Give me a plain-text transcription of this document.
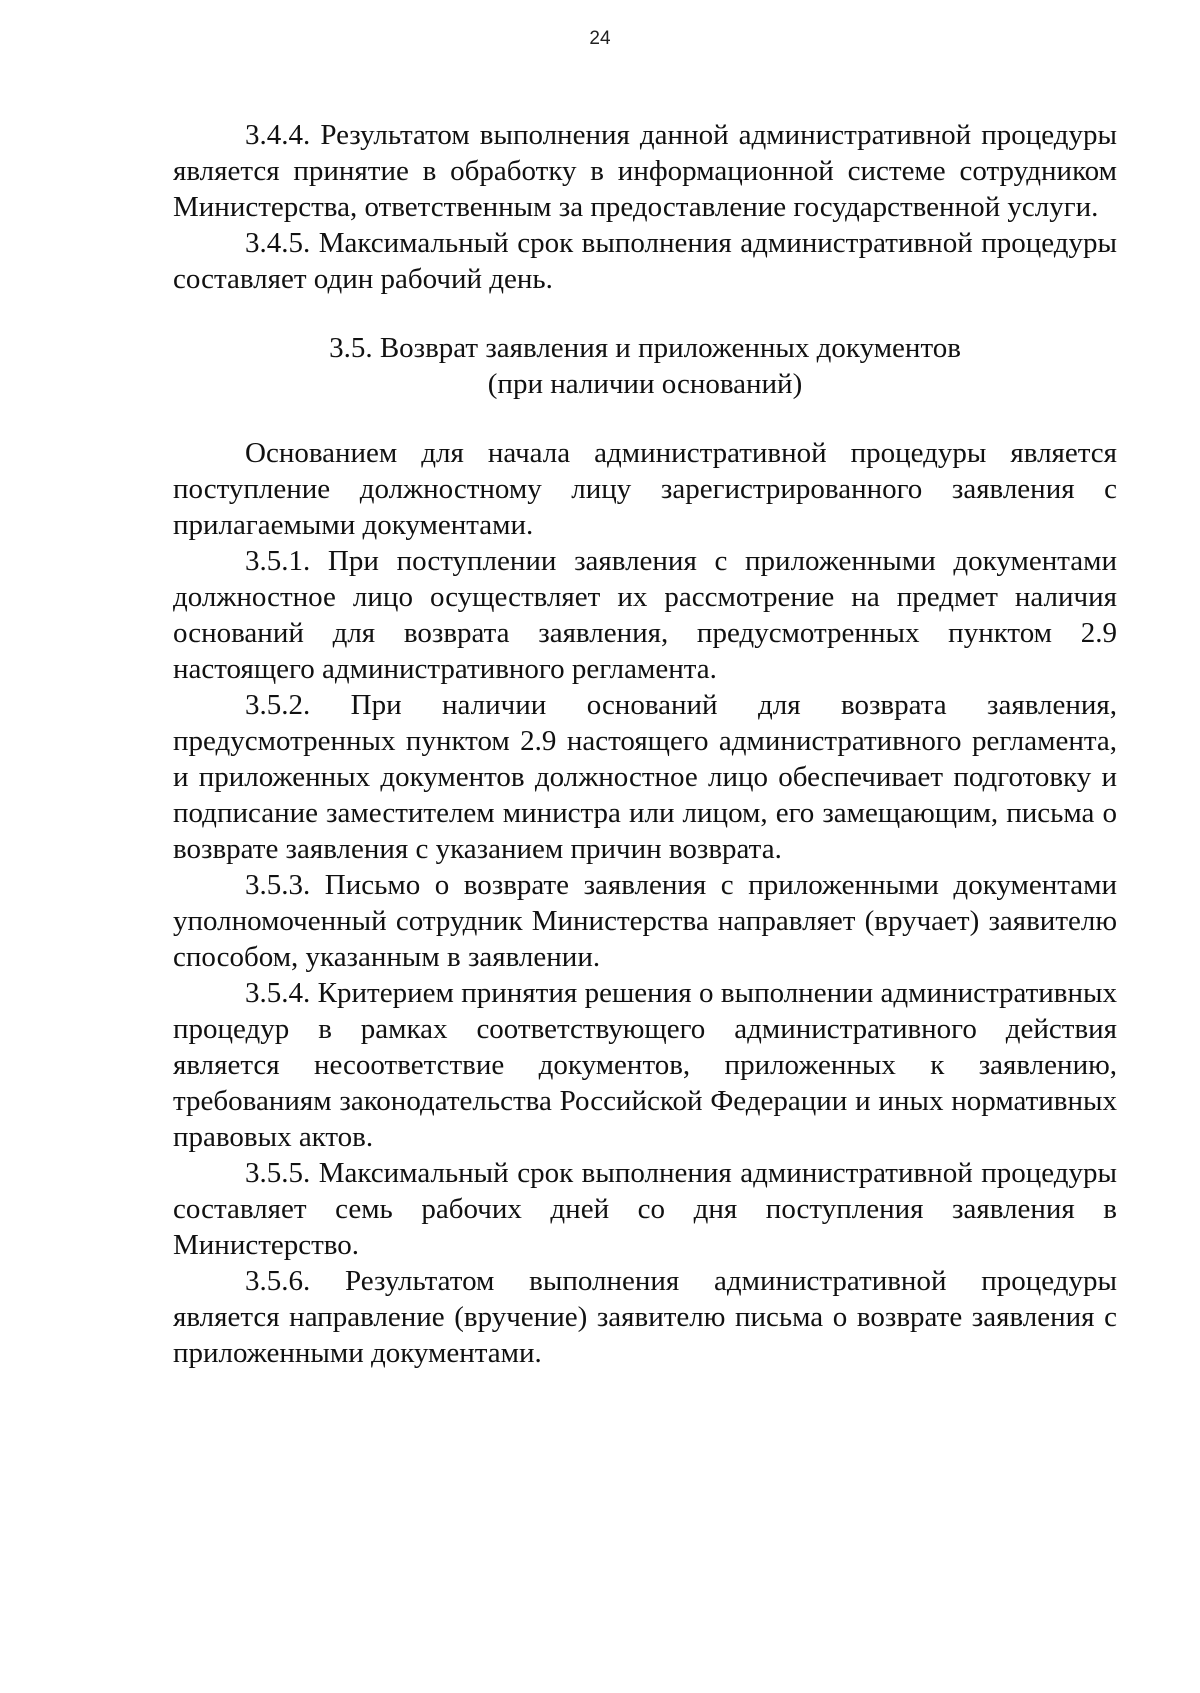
24

3.4.4. Результатом выполнения данной административной процедуры является принятие в обработку в информационной системе сотрудником Министерства, ответственным за предоставление государственной услуги.

3.4.5. Максимальный срок выполнения административной процедуры составляет один рабочий день.

3.5. Возврат заявления и приложенных документов
(при наличии оснований)

Основанием для начала административной процедуры является поступление должностному лицу зарегистрированного заявления с прилагаемыми документами.

3.5.1. При поступлении заявления с приложенными документами должностное лицо осуществляет их рассмотрение на предмет наличия оснований для возврата заявления, предусмотренных пунктом 2.9 настоящего административного регламента.

3.5.2. При наличии оснований для возврата заявления, предусмотренных пунктом 2.9 настоящего административного регламента, и приложенных документов должностное лицо обеспечивает подготовку и подписание заместителем министра или лицом, его замещающим, письма о возврате заявления с указанием причин возврата.

3.5.3. Письмо о возврате заявления с приложенными документами уполномоченный сотрудник Министерства направляет (вручает) заявителю способом, указанным в заявлении.

3.5.4. Критерием принятия решения о выполнении административных процедур в рамках соответствующего административного действия является несоответствие документов, приложенных к заявлению, требованиям законодательства Российской Федерации и иных нормативных правовых актов.

3.5.5. Максимальный срок выполнения административной процедуры составляет семь рабочих дней со дня поступления заявления в Министерство.

3.5.6. Результатом выполнения административной процедуры является направление (вручение) заявителю письма о возврате заявления с приложенными документами.
